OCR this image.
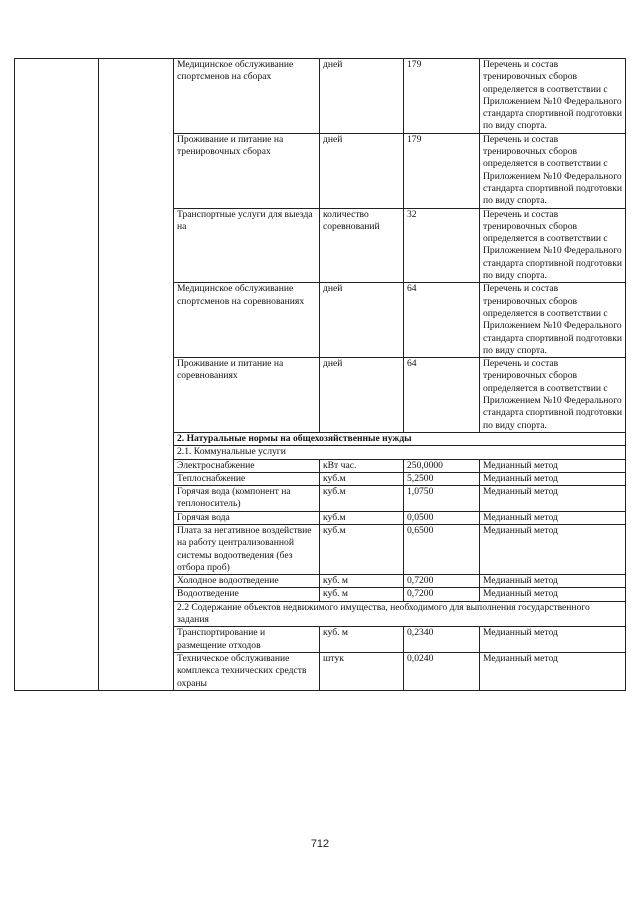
		Медицинское обслуживание спортсменов на сборах	дней	179	Перечень и состав тренировочных сборов определяется в соответствии с Приложением №10 Федерального стандарта спортивной подготовки по виду спорта.
		Проживание и питание на тренировочных сборах	дней	179	Перечень и состав тренировочных сборов определяется в соответствии с Приложением №10 Федерального стандарта спортивной подготовки по виду спорта.
		Транспортные услуги для выезда на	количество соревнований	32	Перечень и состав тренировочных сборов определяется в соответствии с Приложением №10 Федерального стандарта спортивной подготовки по виду спорта.
		Медицинское обслуживание спортсменов на соревнованиях	дней	64	Перечень и состав тренировочных сборов определяется в соответствии с Приложением №10 Федерального стандарта спортивной подготовки по виду спорта.
		Проживание и питание на соревнованиях	дней	64	Перечень и состав тренировочных сборов определяется в соответствии с Приложением №10 Федерального стандарта спортивной подготовки по виду спорта.
		2. Натуральные нормы на общехозяйственные нужды			
		2.1. Коммунальные услуги			
		Электроснабжение	кВт час.	250,0000	Медианный метод
		Теплоснабжение	куб.м	5,2500	Медианный метод
		Горячая вода (компонент на теплоноситель)	куб.м	1,0750	Медианный метод
		Горячая вода	куб.м	0,0500	Медианный метод
		Плата за негативное воздействие на работу централизованной системы водоотведения (без отбора проб)	куб.м	0,6500	Медианный метод
		Холодное водоотведение	куб. м	0,7200	Медианный метод
		Водоотведение	куб. м	0,7200	Медианный метод
		2.2 Содержание объектов недвижимого имущества, необходимого для выполнения государственного задания			
		Транспортирование и размещение отходов	куб. м	0,2340	Медианный метод
		Техническое обслуживание комплекса технических средств охраны	штук	0,0240	Медианный метод
712
